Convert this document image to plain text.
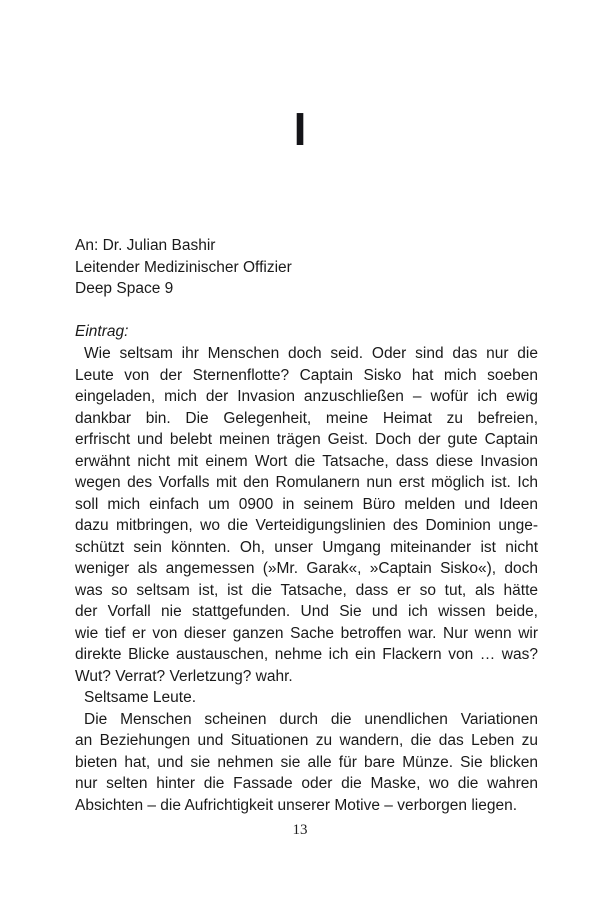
I
An: Dr. Julian Bashir
Leitender Medizinischer Offizier
Deep Space 9
Eintrag:
Wie seltsam ihr Menschen doch seid. Oder sind das nur die
Leute von der Sternenflotte? Captain Sisko hat mich soeben
eingeladen, mich der Invasion anzuschließen – wofür ich ewig
dankbar bin. Die Gelegenheit, meine Heimat zu befreien,
erfrischt und belebt meinen trägen Geist. Doch der gute Captain
erwähnt nicht mit einem Wort die Tatsache, dass diese Invasion
wegen des Vorfalls mit den Romulanern nun erst möglich ist. Ich
soll mich einfach um 0900 in seinem Büro melden und Ideen
dazu mitbringen, wo die Verteidigungslinien des Dominion unge-
schützt sein könnten. Oh, unser Umgang miteinander ist nicht
weniger als angemessen (»Mr. Garak«, »Captain Sisko«), doch
was so seltsam ist, ist die Tatsache, dass er so tut, als hätte
der Vorfall nie stattgefunden. Und Sie und ich wissen beide,
wie tief er von dieser ganzen Sache betroffen war. Nur wenn wir
direkte Blicke austauschen, nehme ich ein Flackern von … was?
Wut? Verrat? Verletzung? wahr.
Seltsame Leute.
Die Menschen scheinen durch die unendlichen Variationen
an Beziehungen und Situationen zu wandern, die das Leben zu
bieten hat, und sie nehmen sie alle für bare Münze. Sie blicken
nur selten hinter die Fassade oder die Maske, wo die wahren
Absichten – die Aufrichtigkeit unserer Motive – verborgen liegen.
13
